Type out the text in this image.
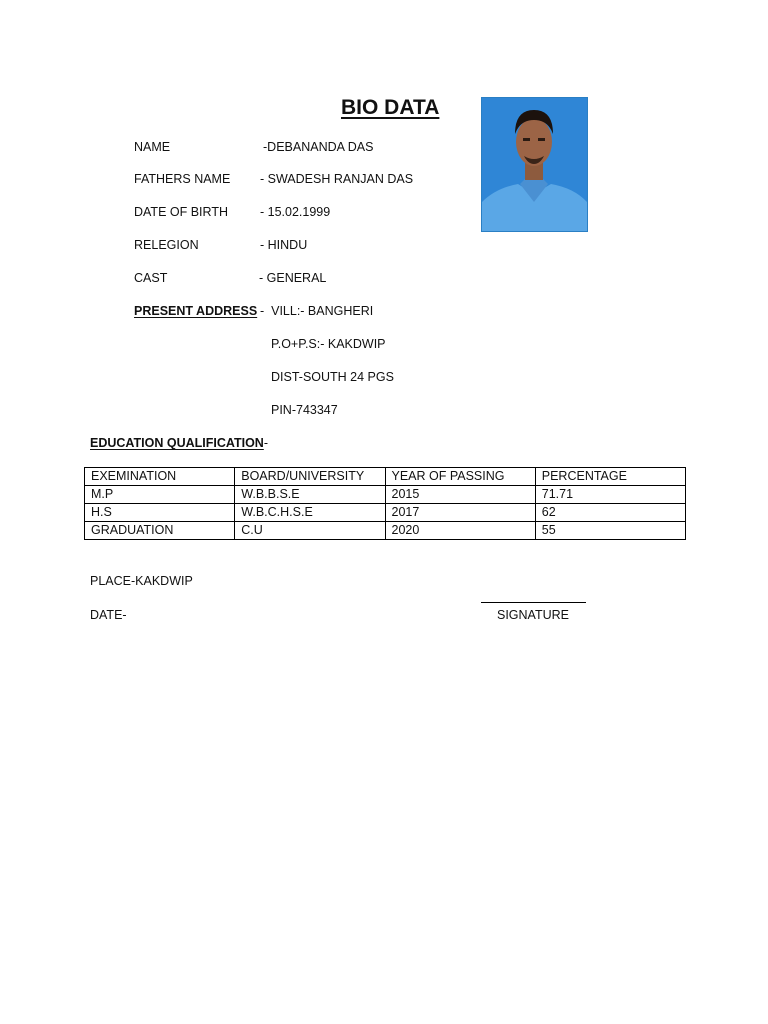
BIO DATA
NAME	-DEBANANDA DAS
FATHERS NAME - SWADESH RANJAN DAS
DATE OF BIRTH	- 15.02.1999
RELEGION	- HINDU
CAST	- GENERAL
PRESENT ADDRESS -  VILL:- BANGHERI
P.O+P.S:- KAKDWIP
DIST-SOUTH 24 PGS
PIN-743347
EDUCATION QUALIFICATION-
EXEMINATION	BOARD/UNIVERSITY	YEAR OF PASSING	PERCENTAGE
M.P	W.B.B.S.E	2015	71.71
H.S	W.B.C.H.S.E	2017	62
GRADUATION	C.U	2020	55
PLACE-KAKDWIP
DATE-	SIGNATURE
